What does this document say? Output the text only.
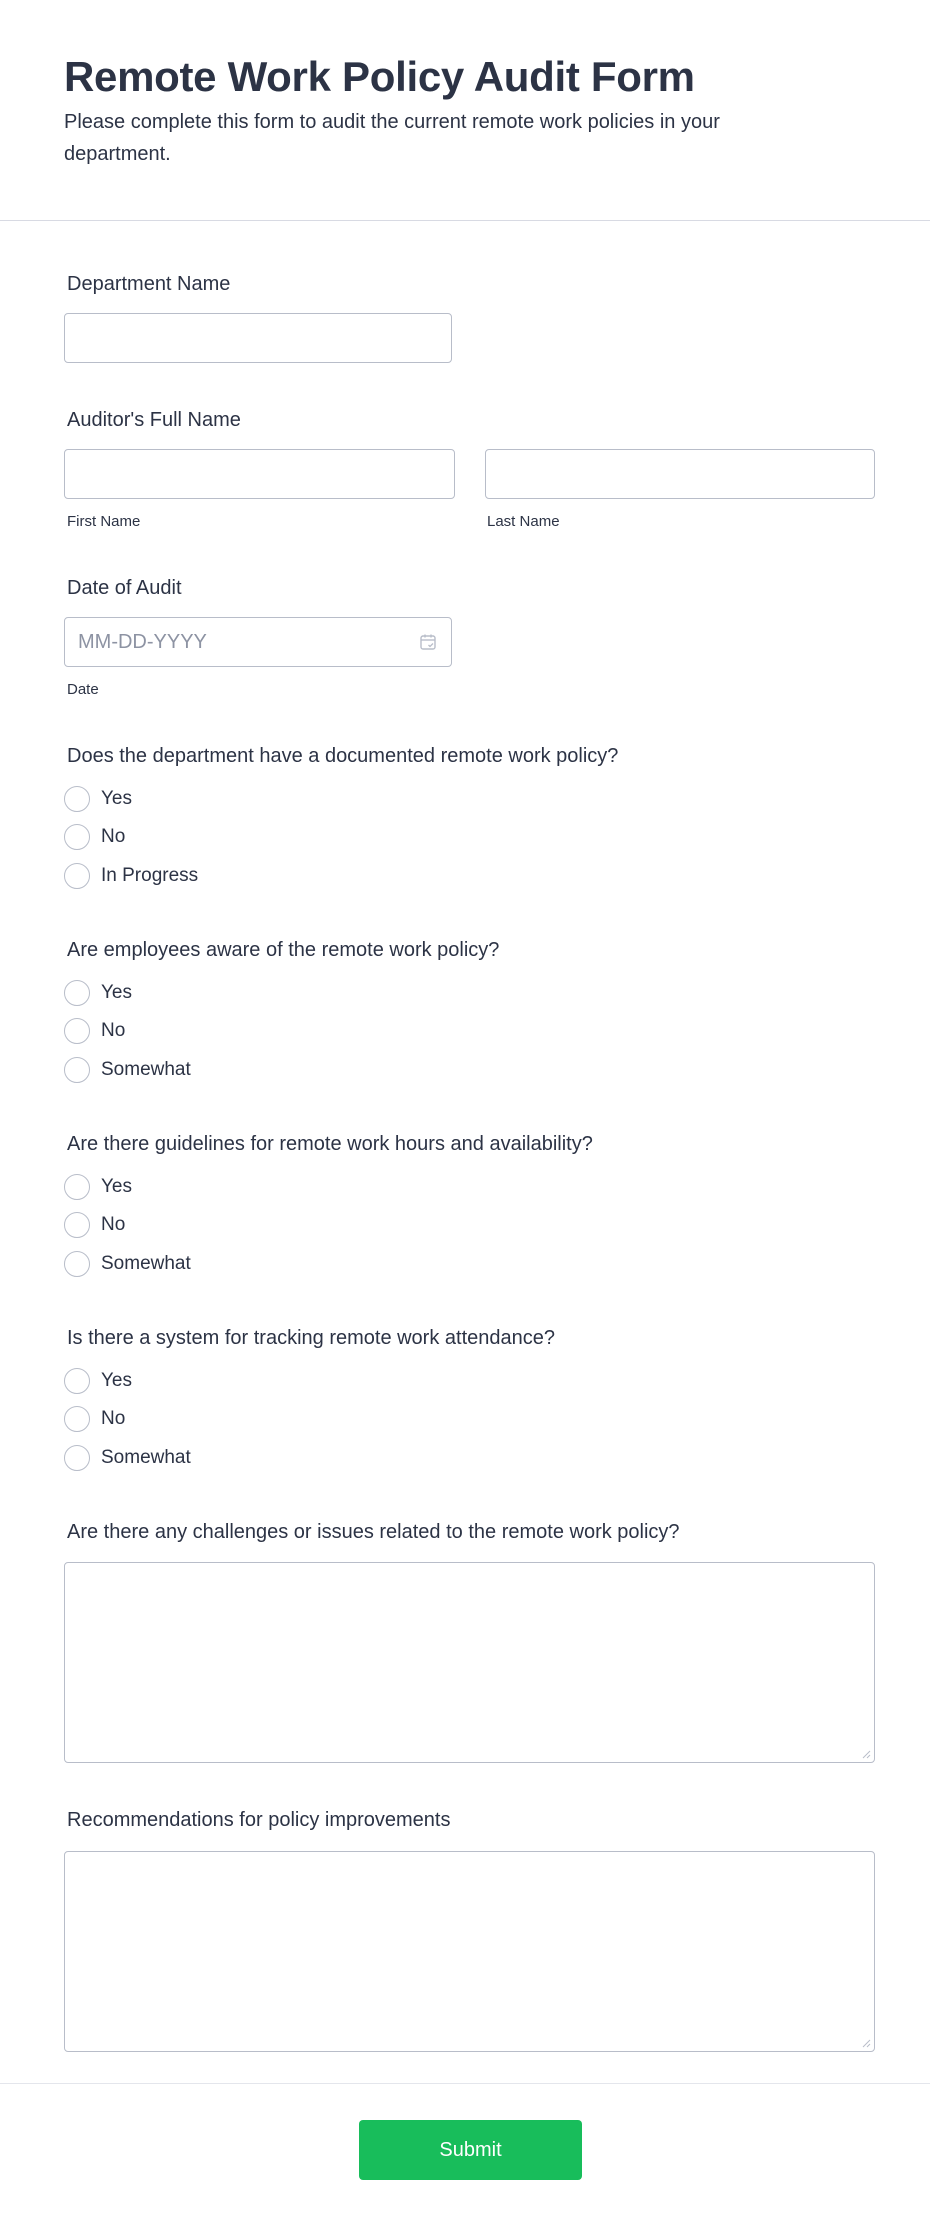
Remote Work Policy Audit Form
Please complete this form to audit the current remote work policies in your department.
Department Name
Auditor's Full Name
First Name	Last Name
Date of Audit
MM-DD-YYYY
Date
Does the department have a documented remote work policy?
Yes
No
In Progress
Are employees aware of the remote work policy?
Yes
No
Somewhat
Are there guidelines for remote work hours and availability?
Yes
No
Somewhat
Is there a system for tracking remote work attendance?
Yes
No
Somewhat
Are there any challenges or issues related to the remote work policy?
Recommendations for policy improvements
Submit
